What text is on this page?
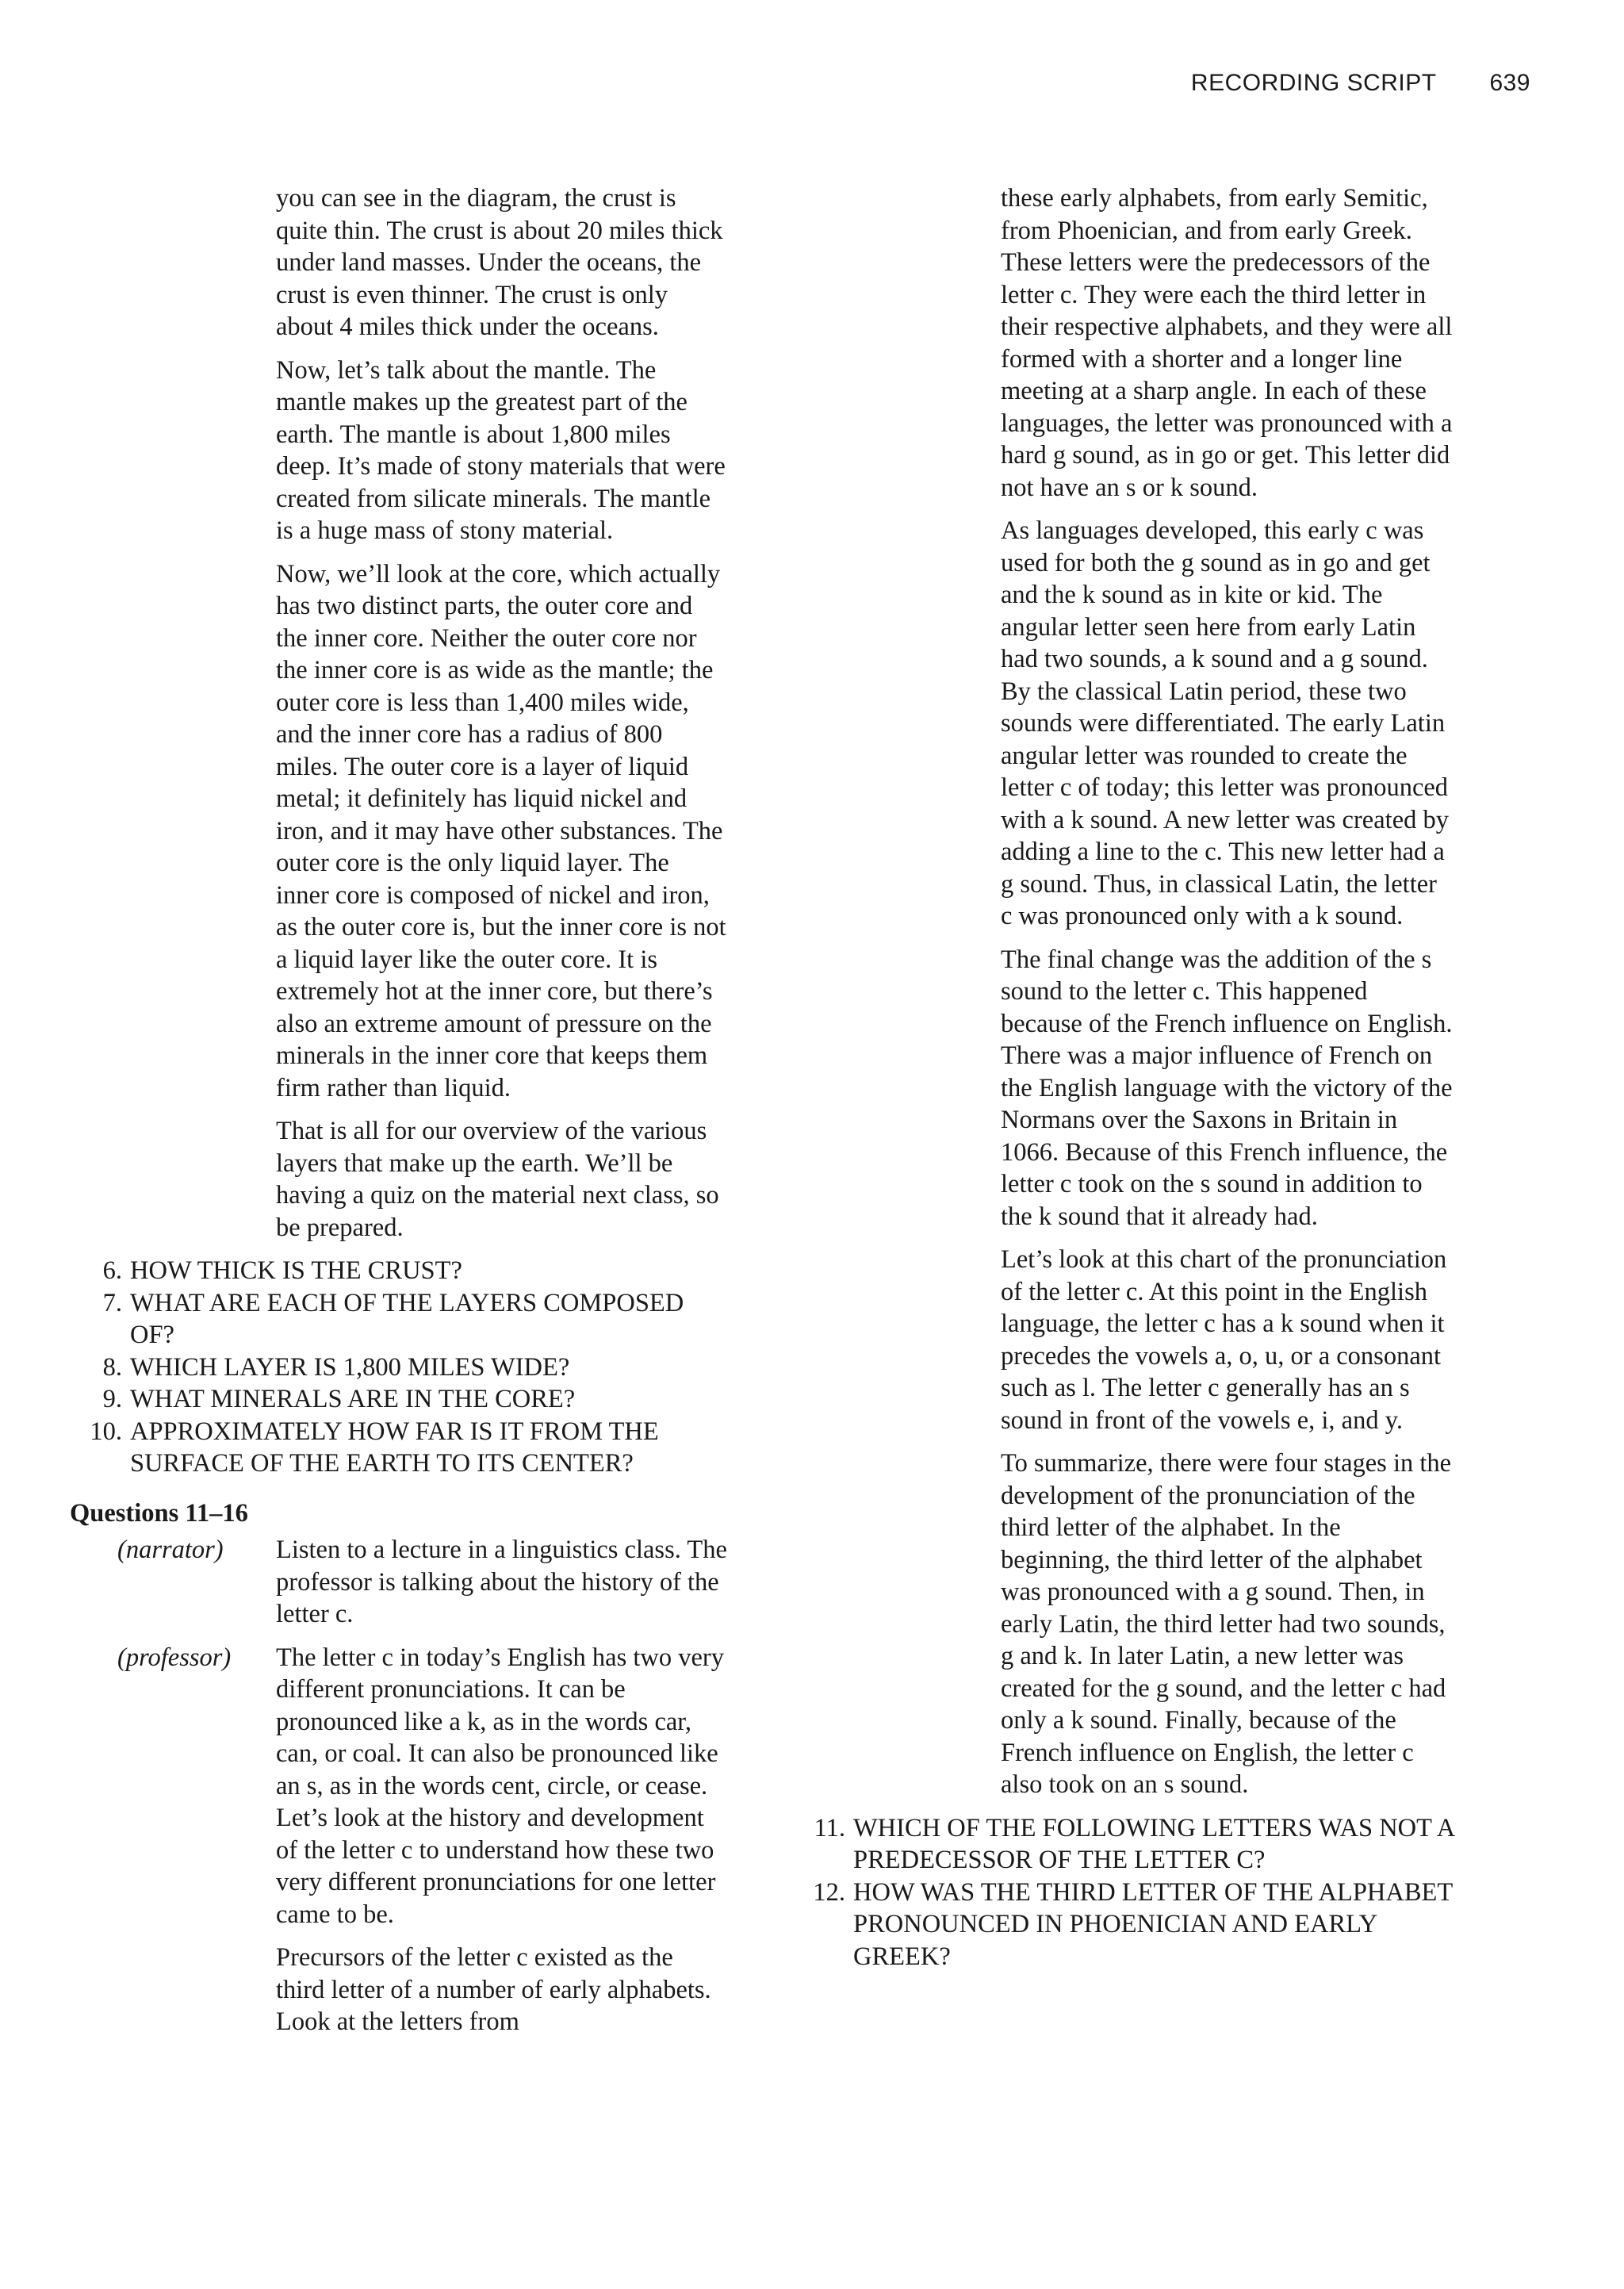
RECORDING SCRIPT 639

you can see in the diagram, the crust is quite thin. The crust is about 20 miles thick under land masses. Under the oceans, the crust is even thinner. The crust is only about 4 miles thick under the oceans.

Now, let’s talk about the mantle. The mantle makes up the greatest part of the earth. The mantle is about 1,800 miles deep. It’s made of stony materials that were created from silicate minerals. The mantle is a huge mass of stony material.

Now, we’ll look at the core, which actually has two distinct parts, the outer core and the inner core. Neither the outer core nor the inner core is as wide as the mantle; the outer core is less than 1,400 miles wide, and the inner core has a radius of 800 miles. The outer core is a layer of liquid metal; it definitely has liquid nickel and iron, and it may have other substances. The outer core is the only liquid layer. The inner core is composed of nickel and iron, as the outer core is, but the inner core is not a liquid layer like the outer core. It is extremely hot at the inner core, but there’s also an extreme amount of pressure on the minerals in the inner core that keeps them firm rather than liquid.

That is all for our overview of the various layers that make up the earth. We’ll be having a quiz on the material next class, so be prepared.

6. HOW THICK IS THE CRUST?
7. WHAT ARE EACH OF THE LAYERS COMPOSED OF?
8. WHICH LAYER IS 1,800 MILES WIDE?
9. WHAT MINERALS ARE IN THE CORE?
10. APPROXIMATELY HOW FAR IS IT FROM THE SURFACE OF THE EARTH TO ITS CENTER?
Questions 11–16
(narrator)	Listen to a lecture in a linguistics class. The professor is talking about the history of the letter c.
(professor)	The letter c in today’s English has two very different pronunciations. It can be pronounced like a k, as in the words car, can, or coal. It can also be pronounced like an s, as in the words cent, circle, or cease. Let’s look at the history and development of the letter c to understand how these two very different pronunciations for one letter came to be.

Precursors of the letter c existed as the third letter of a number of early alphabets. Look at the letters from

these early alphabets, from early Semitic, from Phoenician, and from early Greek. These letters were the predecessors of the letter c. They were each the third letter in their respective alphabets, and they were all formed with a shorter and a longer line meeting at a sharp angle. In each of these languages, the letter was pronounced with a hard g sound, as in go or get. This letter did not have an s or k sound.

As languages developed, this early c was used for both the g sound as in go and get and the k sound as in kite or kid. The angular letter seen here from early Latin had two sounds, a k sound and a g sound. By the classical Latin period, these two sounds were differentiated. The early Latin angular letter was rounded to create the letter c of today; this letter was pronounced with a k sound. A new letter was created by adding a line to the c. This new letter had a g sound. Thus, in classical Latin, the letter c was pronounced only with a k sound.

The final change was the addition of the s sound to the letter c. This happened because of the French influence on English. There was a major influence of French on the English language with the victory of the Normans over the Saxons in Britain in 1066. Because of this French influence, the letter c took on the s sound in addition to the k sound that it already had.

Let’s look at this chart of the pronunciation of the letter c. At this point in the English language, the letter c has a k sound when it precedes the vowels a, o, u, or a consonant such as l. The letter c generally has an s sound in front of the vowels e, i, and y.

To summarize, there were four stages in the development of the pronunciation of the third letter of the alphabet. In the beginning, the third letter of the alphabet was pronounced with a g sound. Then, in early Latin, the third letter had two sounds, g and k. In later Latin, a new letter was created for the g sound, and the letter c had only a k sound. Finally, because of the French influence on English, the letter c also took on an s sound.

11. WHICH OF THE FOLLOWING LETTERS WAS NOT A PREDECESSOR OF THE LETTER C?
12. HOW WAS THE THIRD LETTER OF THE ALPHABET PRONOUNCED IN PHOENICIAN AND EARLY GREEK?
